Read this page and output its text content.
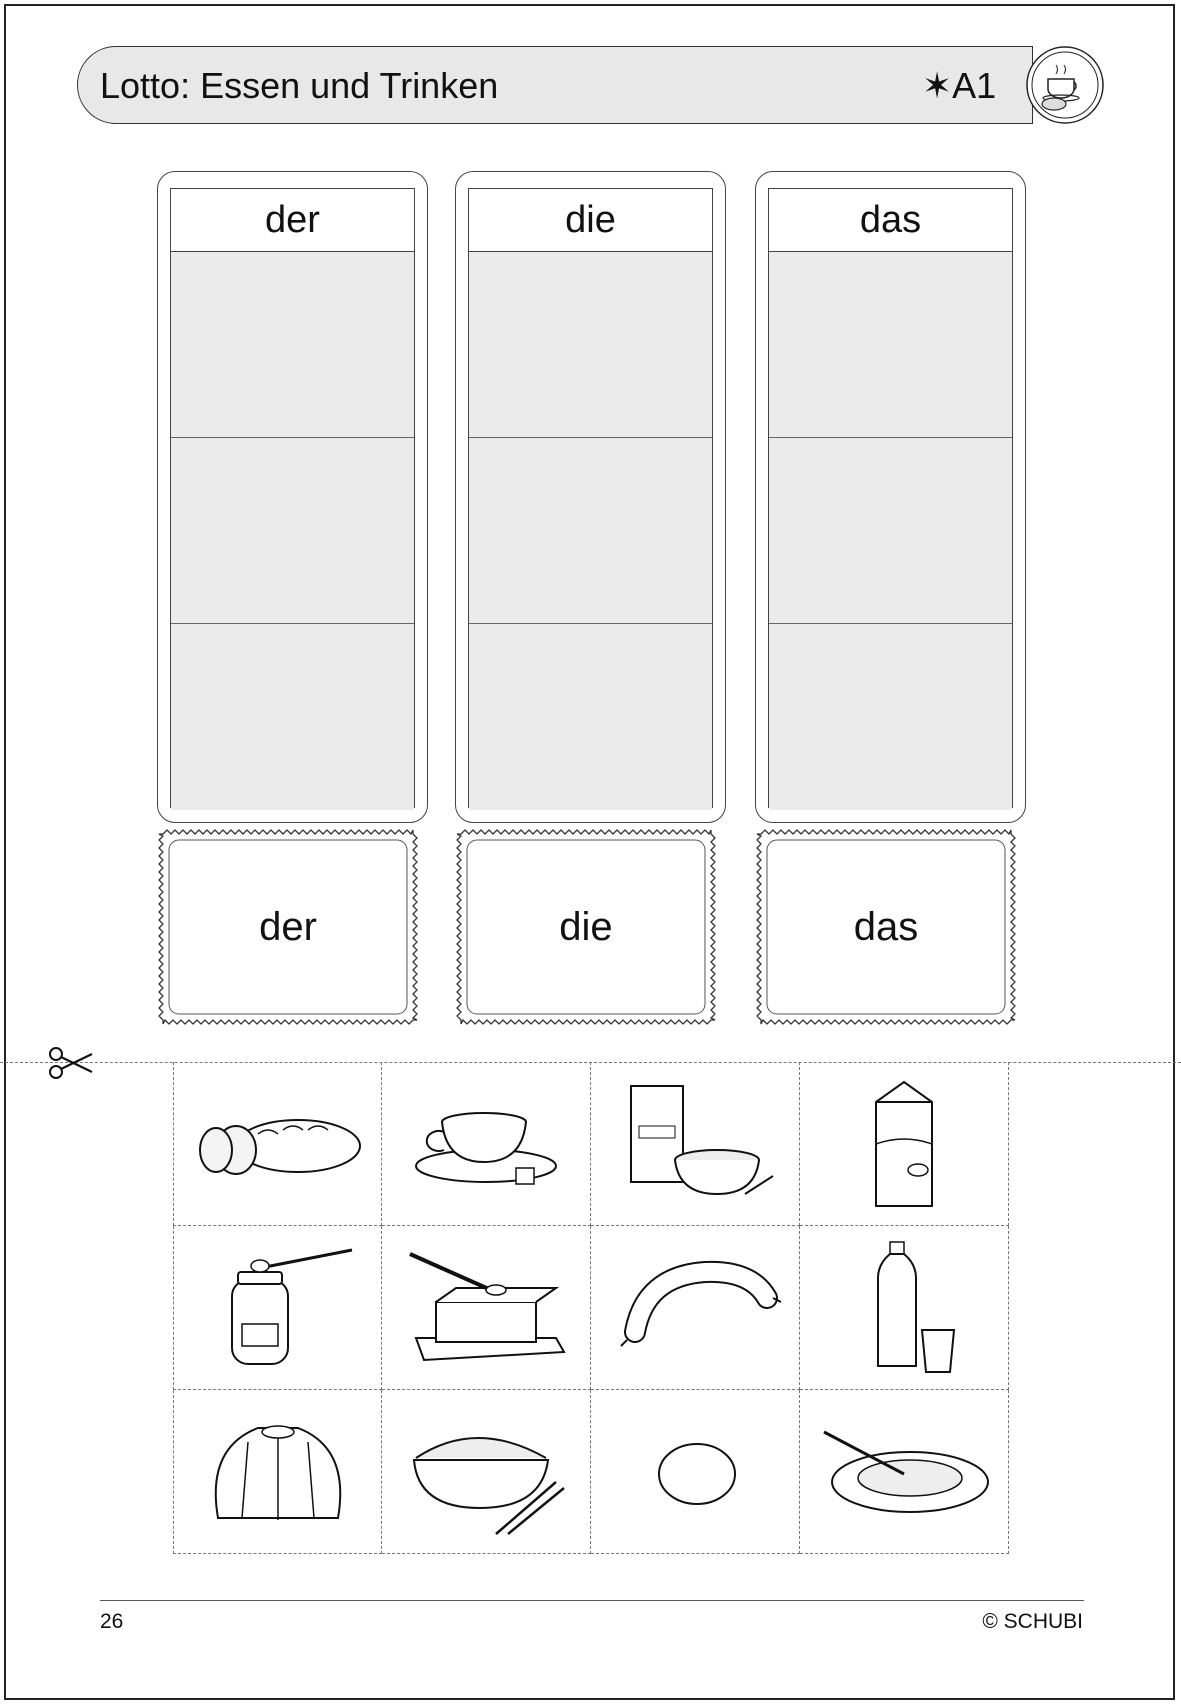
Lotto: Essen und Trinken	✶A1
der	die	das
der	die	das
26	© SCHUBI
